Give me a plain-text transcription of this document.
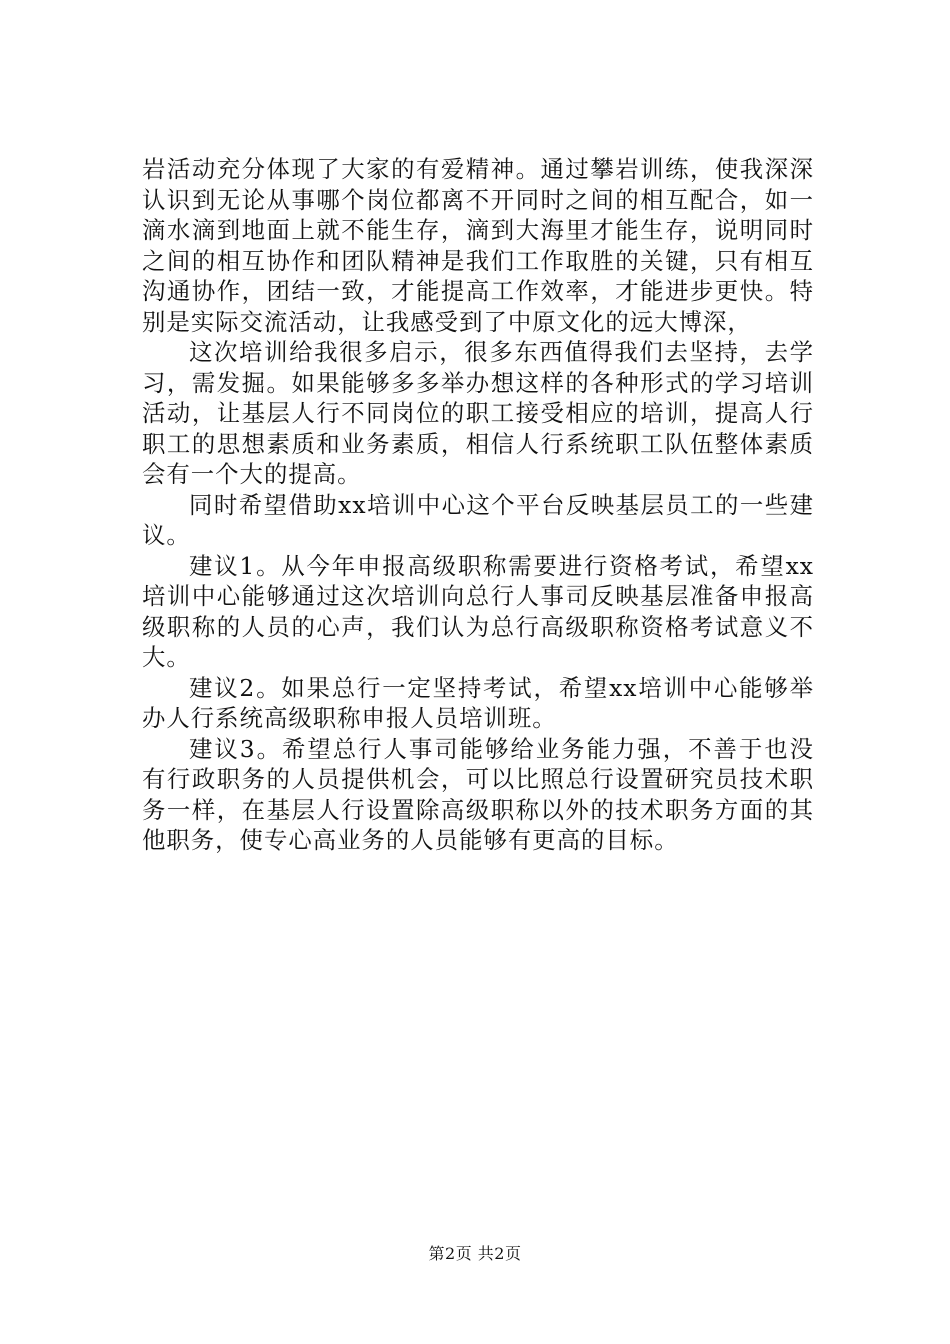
岩活动充分体现了大家的有爱精神。通过攀岩训练，使我深深认识到无论从事哪个岗位都离不开同时之间的相互配合，如一滴水滴到地面上就不能生存，滴到大海里才能生存，说明同时之间的相互协作和团队精神是我们工作取胜的关键，只有相互沟通协作，团结一致，才能提高工作效率，才能进步更快。特别是实际交流活动，让我感受到了中原文化的远大博深，

这次培训给我很多启示，很多东西值得我们去坚持，去学习，需发掘。如果能够多多举办想这样的各种形式的学习培训活动，让基层人行不同岗位的职工接受相应的培训，提高人行职工的思想素质和业务素质，相信人行系统职工队伍整体素质会有一个大的提高。

同时希望借助xx培训中心这个平台反映基层员工的一些建议。

建议1。从今年申报高级职称需要进行资格考试，希望xx培训中心能够通过这次培训向总行人事司反映基层准备申报高级职称的人员的心声，我们认为总行高级职称资格考试意义不大。

建议2。如果总行一定坚持考试，希望xx培训中心能够举办人行系统高级职称申报人员培训班。

建议3。希望总行人事司能够给业务能力强，不善于也没有行政职务的人员提供机会，可以比照总行设置研究员技术职务一样，在基层人行设置除高级职称以外的技术职务方面的其他职务，使专心高业务的人员能够有更高的目标。

第2页 共2页
